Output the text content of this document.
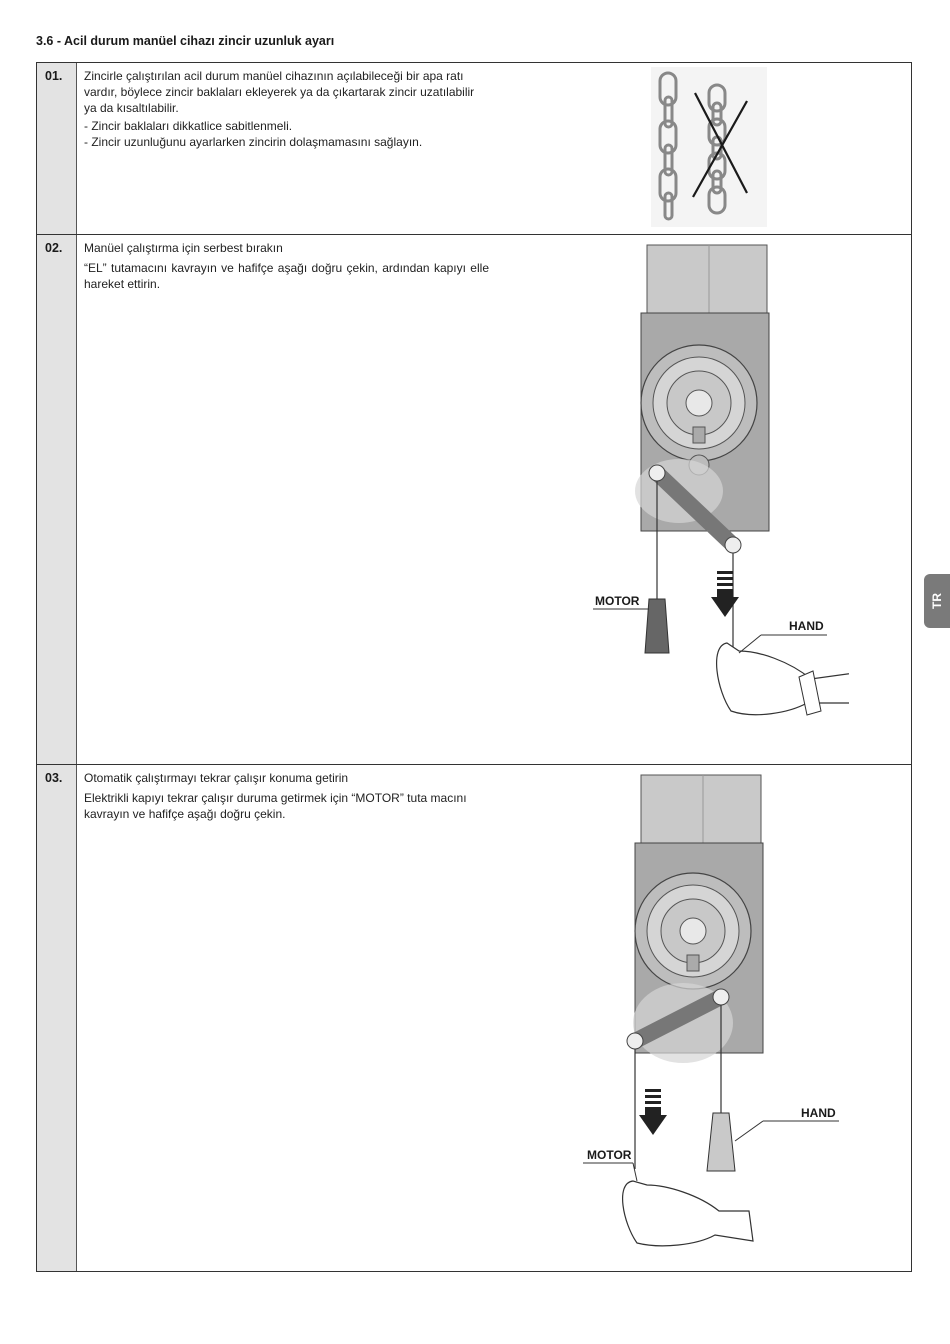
3.6 - Acil durum manüel cihazı zincir uzunluk ayarı
01.	Zincirle çalıştırılan acil durum manüel cihazının açılabileceği bir apa ratı vardır, böylece zincir baklaları ekleyerek ya da çıkartarak zincir uzatılabilir ya da kısaltılabilir.

- Zincir baklaları dikkatlice sabitlenmeli.

- Zincir uzunluğunu ayarlarken zincirin dolaşmamasını sağlayın.

02.	Manüel çalıştırma için serbest bırakın

“EL” tutamacını kavrayın ve hafifçe aşağı doğru çekin, ardından kapıyı elle hareket ettirin.

MOTOR
HAND
03.	Otomatik çalıştırmayı tekrar çalışır konuma getirin

Elektrikli kapıyı tekrar çalışır duruma getirmek için “MOTOR” tuta macını kavrayın ve hafifçe aşağı doğru çekin.

MOTOR
HAND
TR
